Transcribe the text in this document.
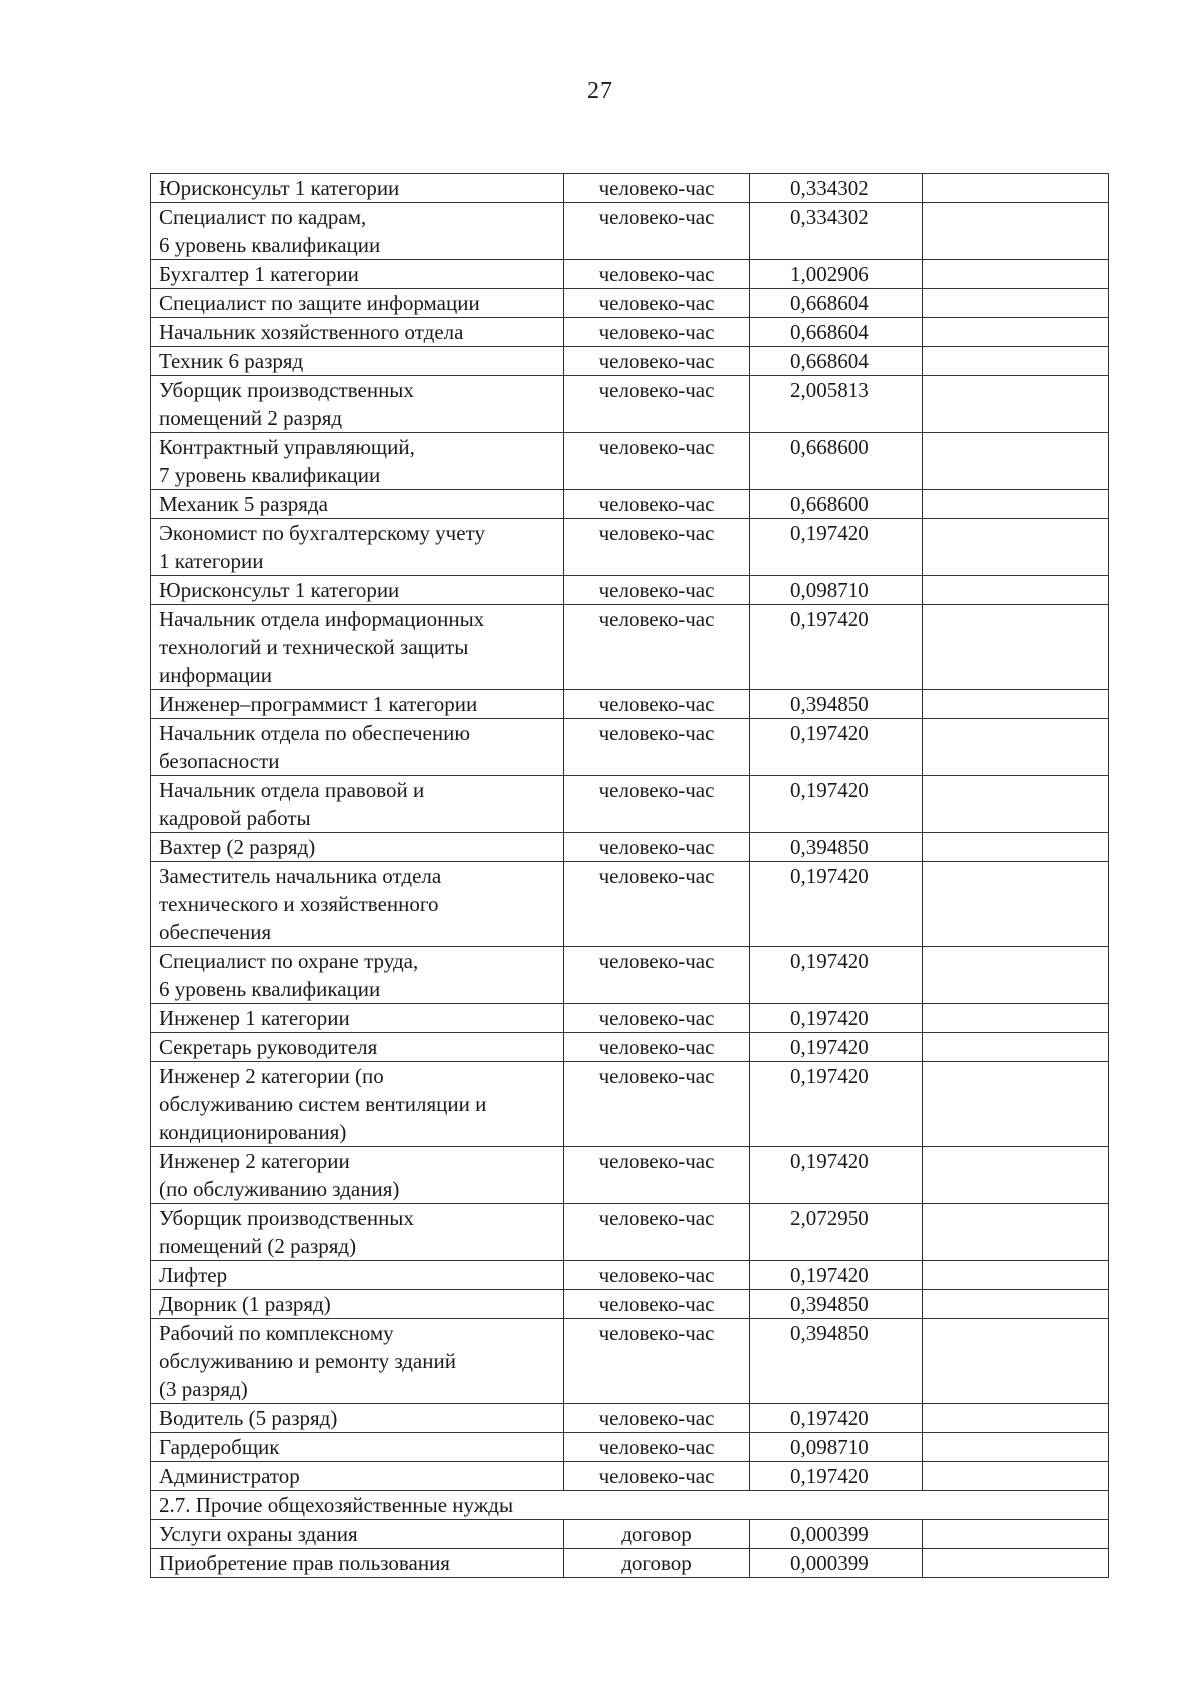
27
Юрисконсульт 1 категории	человеко-час	0,334302	
Специалист по кадрам,
6 уровень квалификации	человеко-час	0,334302	
Бухгалтер 1 категории	человеко-час	1,002906	
Специалист по защите информации	человеко-час	0,668604	
Начальник хозяйственного отдела	человеко-час	0,668604	
Техник 6 разряд	человеко-час	0,668604	
Уборщик производственных
помещений 2 разряд	человеко-час	2,005813	
Контрактный управляющий,
7 уровень квалификации	человеко-час	0,668600	
Механик 5 разряда	человеко-час	0,668600	
Экономист по бухгалтерскому учету
1 категории	человеко-час	0,197420	
Юрисконсульт 1 категории	человеко-час	0,098710	
Начальник отдела информационных
технологий и технической защиты
информации	человеко-час	0,197420	
Инженер–программист 1 категории	человеко-час	0,394850	
Начальник отдела по обеспечению
безопасности	человеко-час	0,197420	
Начальник отдела правовой и
кадровой работы	человеко-час	0,197420	
Вахтер (2 разряд)	человеко-час	0,394850	
Заместитель начальника отдела
технического и хозяйственного
обеспечения	человеко-час	0,197420	
Специалист по охране труда,
6 уровень квалификации	человеко-час	0,197420	
Инженер 1 категории	человеко-час	0,197420	
Секретарь руководителя	человеко-час	0,197420	
Инженер 2 категории (по
обслуживанию систем вентиляции и
кондиционирования)	человеко-час	0,197420	
Инженер 2 категории
(по обслуживанию здания)	человеко-час	0,197420	
Уборщик производственных
помещений (2 разряд)	человеко-час	2,072950	
Лифтер	человеко-час	0,197420	
Дворник (1 разряд)	человеко-час	0,394850	
Рабочий по комплексному
обслуживанию и ремонту зданий
(3 разряд)	человеко-час	0,394850	
Водитель (5 разряд)	человеко-час	0,197420	
Гардеробщик	человеко-час	0,098710	
Администратор	человеко-час	0,197420	
2.7. Прочие общехозяйственные нужды			
Услуги охраны здания	договор	0,000399	
Приобретение прав пользования	договор	0,000399	
